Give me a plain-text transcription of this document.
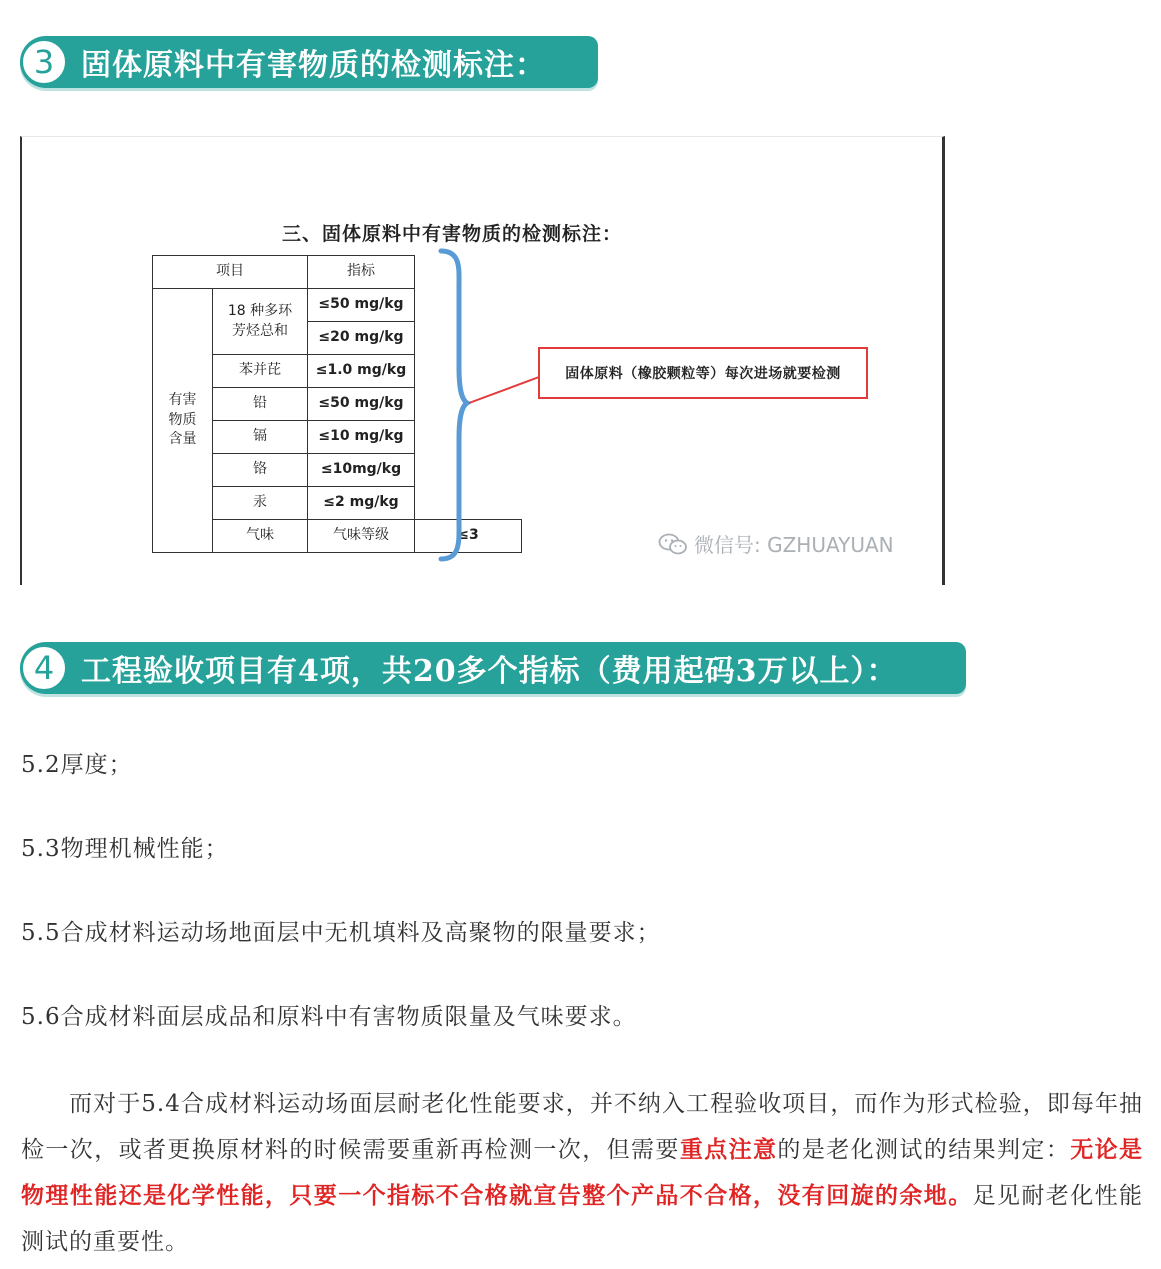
3 固体原料中有害物质的检测标注：
三、固体原料中有害物质的检测标注：
项目		指标	
有害
物质
含量	18 种多环
芳烃总和	≤50 mg/kg	
		≤20 mg/kg	
	苯并芘	≤1.0 mg/kg	
	铅	≤50 mg/kg	
	镉	≤10 mg/kg	
	铬	≤10mg/kg	
	汞	≤2 mg/kg	
	气味	气味等级	≤3
固体原料（橡胶颗粒等）每次进场就要检测
微信号: GZHUAYUAN
4 工程验收项目有4项，共20多个指标（费用起码3万以上）：
5.2厚度；
5.3物理机械性能；
5.5合成材料运动场地面层中无机填料及高聚物的限量要求；
5.6合成材料面层成品和原料中有害物质限量及气味要求。
　　而对于5.4合成材料运动场面层耐老化性能要求，并不纳入工程验收项目，而作为形式检验，即每年抽检一次，或者更换原材料的时候需要重新再检测一次，但需要重点注意的是老化测试的结果判定：无论是物理性能还是化学性能，只要一个指标不合格就宣告整个产品不合格，没有回旋的余地。足见耐老化性能测试的重要性。
